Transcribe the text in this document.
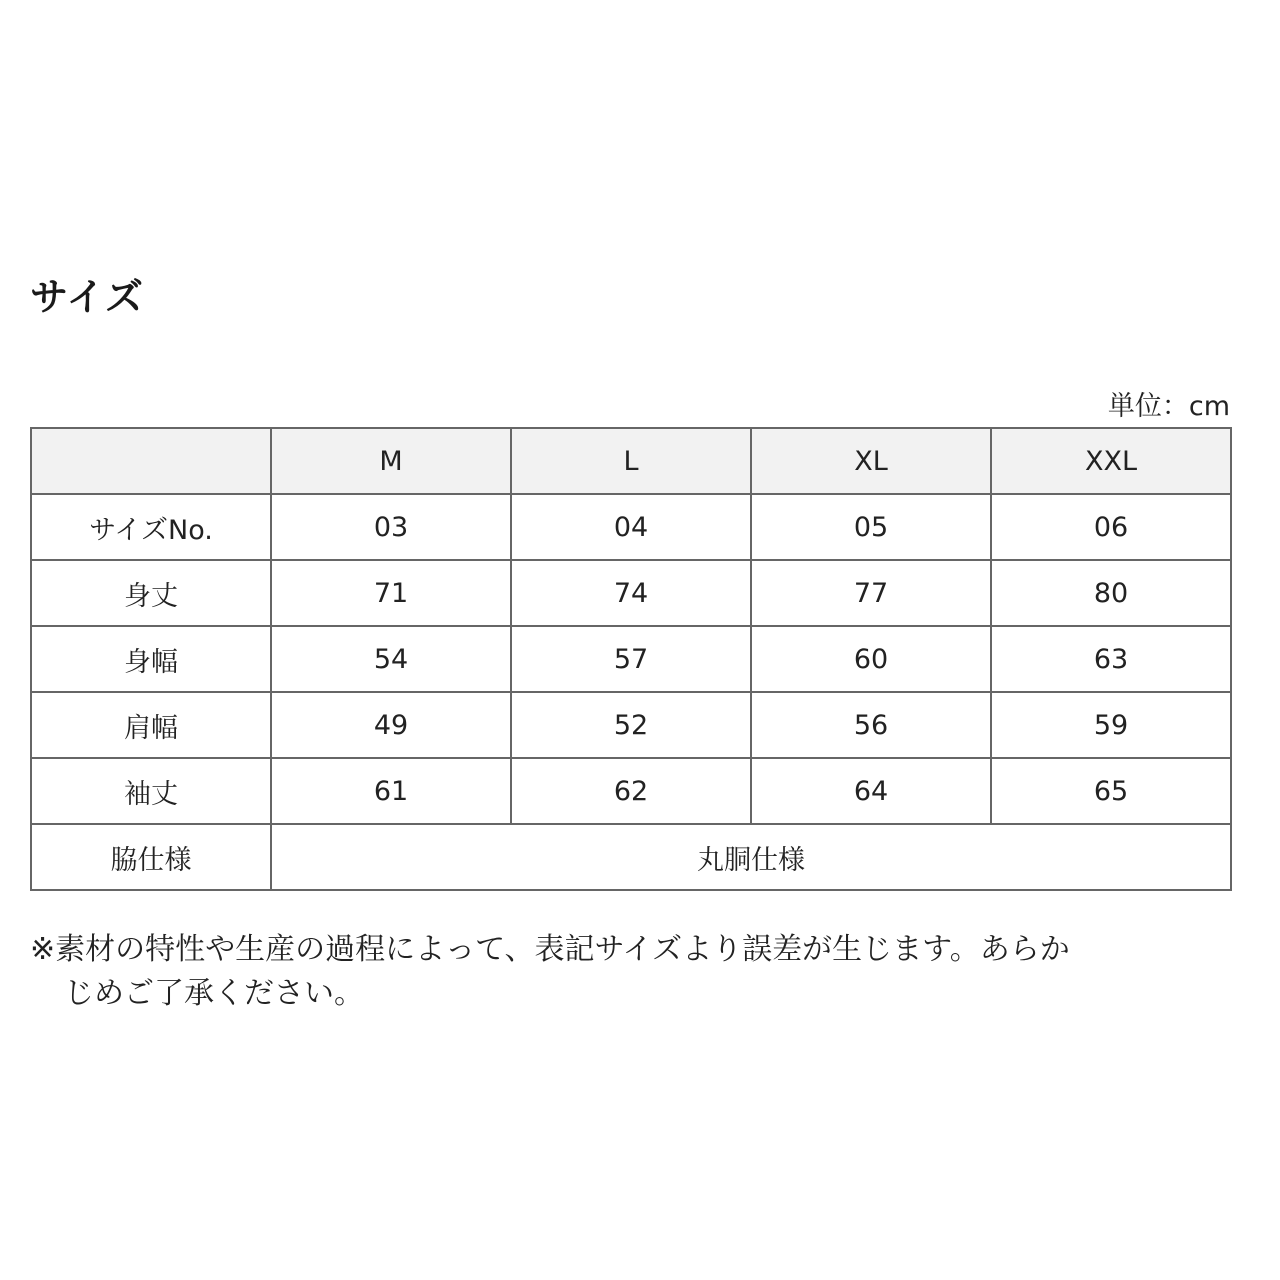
サイズ
単位：cm
	M	L	XL	XXL
サイズNo.	03	04	05	06
身丈	71	74	77	80
身幅	54	57	60	63
肩幅	49	52	56	59
袖丈	61	62	64	65
脇仕様	丸胴仕様			
※素材の特性や生産の過程によって、表記サイズより誤差が生じます。あらか
じめご了承ください。
